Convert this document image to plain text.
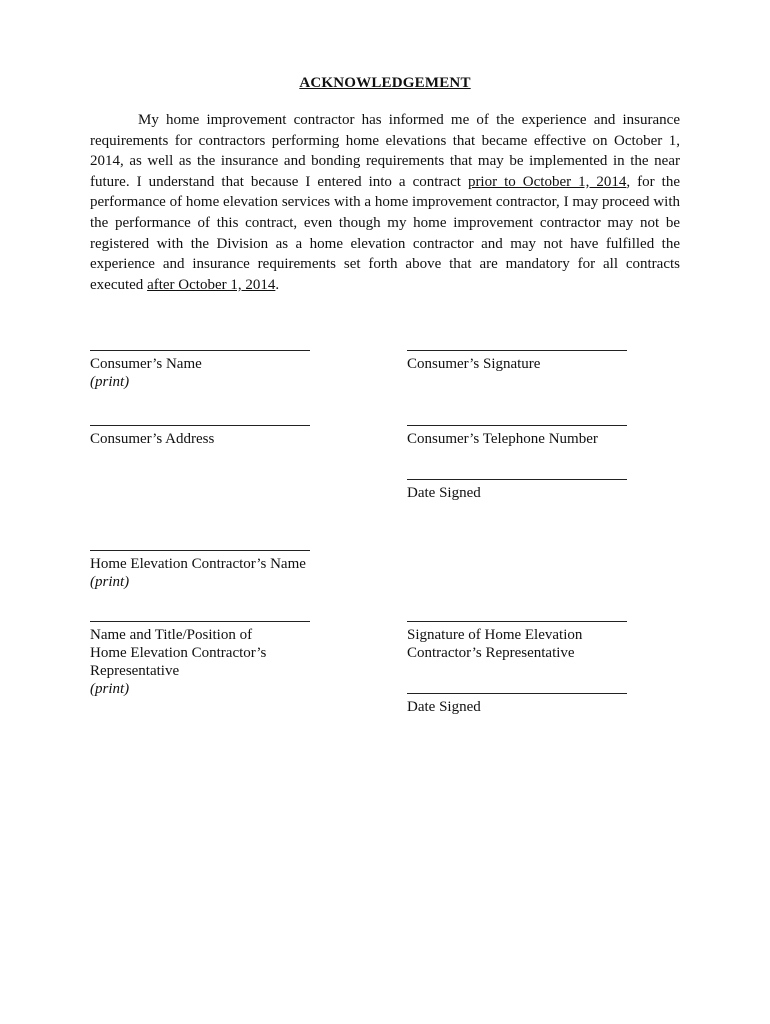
ACKNOWLEDGEMENT

My home improvement contractor has informed me of the experience and insurance requirements for contractors performing home elevations that became effective on October 1, 2014, as well as the insurance and bonding requirements that may be implemented in the near future. I understand that because I entered into a contract prior to October 1, 2014, for the performance of home elevation services with a home improvement contractor, I may proceed with the performance of this contract, even though my home improvement contractor may not be registered with the Division as a home elevation contractor and may not have fulfilled the experience and insurance requirements set forth above that are mandatory for all contracts executed after October 1, 2014.

Consumer’s Name
(print)
Consumer’s Signature
Consumer’s Address	Consumer’s Telephone Number
Date Signed
Home Elevation Contractor’s Name
(print)
Name and Title/Position of
Home Elevation Contractor’s
Representative
(print)
Signature of Home Elevation
Contractor’s Representative
Date Signed
